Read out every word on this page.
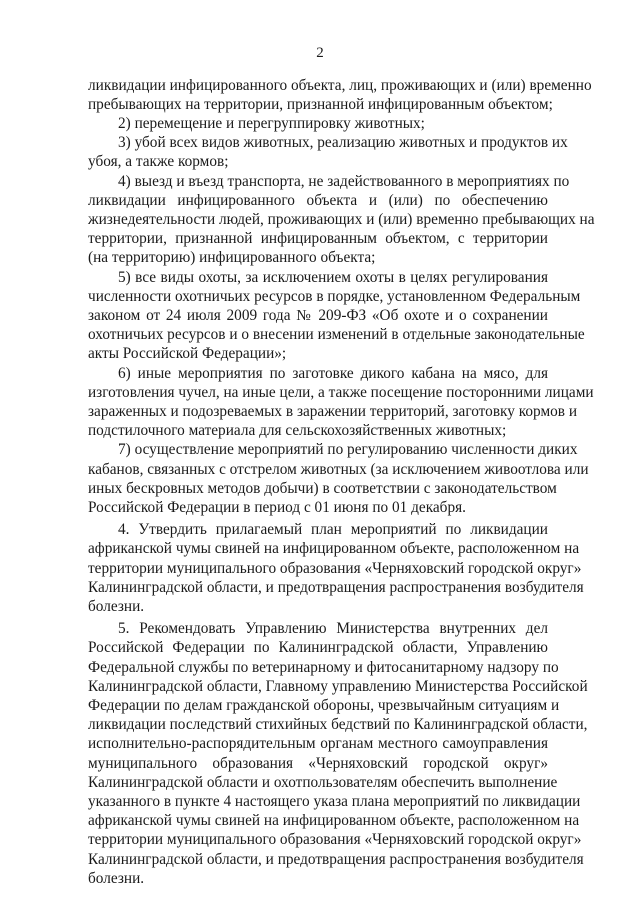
2
ликвидации инфицированного объекта, лиц, проживающих и (или) временно
пребывающих на территории, признанной инфицированным объектом;
2) перемещение и перегруппировку животных;
3) убой всех видов животных, реализацию животных и продуктов их
убоя, а также кормов;
4) выезд и въезд транспорта, не задействованного в мероприятиях по
ликвидации инфицированного объекта и (или) по обеспечению
жизнедеятельности людей, проживающих и (или) временно пребывающих на
территории, признанной инфицированным объектом, с территории
(на территорию) инфицированного объекта;
5) все виды охоты, за исключением охоты в целях регулирования
численности охотничьих ресурсов в порядке, установленном Федеральным
законом от 24 июля 2009 года № 209-ФЗ «Об охоте и о сохранении
охотничьих ресурсов и о внесении изменений в отдельные законодательные
акты Российской Федерации»;
6) иные мероприятия по заготовке дикого кабана на мясо, для
изготовления чучел, на иные цели, а также посещение посторонними лицами
зараженных и подозреваемых в заражении территорий, заготовку кормов и
подстилочного материала для сельскохозяйственных животных;
7) осуществление мероприятий по регулированию численности диких
кабанов, связанных с отстрелом животных (за исключением живоотлова или
иных бескровных методов добычи) в соответствии с законодательством
Российской Федерации в период с 01 июня по 01 декабря.
4. Утвердить прилагаемый план мероприятий по ликвидации
африканской чумы свиней на инфицированном объекте, расположенном на
территории муниципального образования «Черняховский городской округ»
Калининградской области, и предотвращения распространения возбудителя
болезни.
5. Рекомендовать Управлению Министерства внутренних дел
Российской Федерации по Калининградской области, Управлению
Федеральной службы по ветеринарному и фитосанитарному надзору по
Калининградской области, Главному управлению Министерства Российской
Федерации по делам гражданской обороны, чрезвычайным ситуациям и
ликвидации последствий стихийных бедствий по Калининградской области,
исполнительно-распорядительным органам местного самоуправления
муниципального образования «Черняховский городской округ»
Калининградской области и охотпользователям обеспечить выполнение
указанного в пункте 4 настоящего указа плана мероприятий по ликвидации
африканской чумы свиней на инфицированном объекте, расположенном на
территории муниципального образования «Черняховский городской округ»
Калининградской области, и предотвращения распространения возбудителя
болезни.
